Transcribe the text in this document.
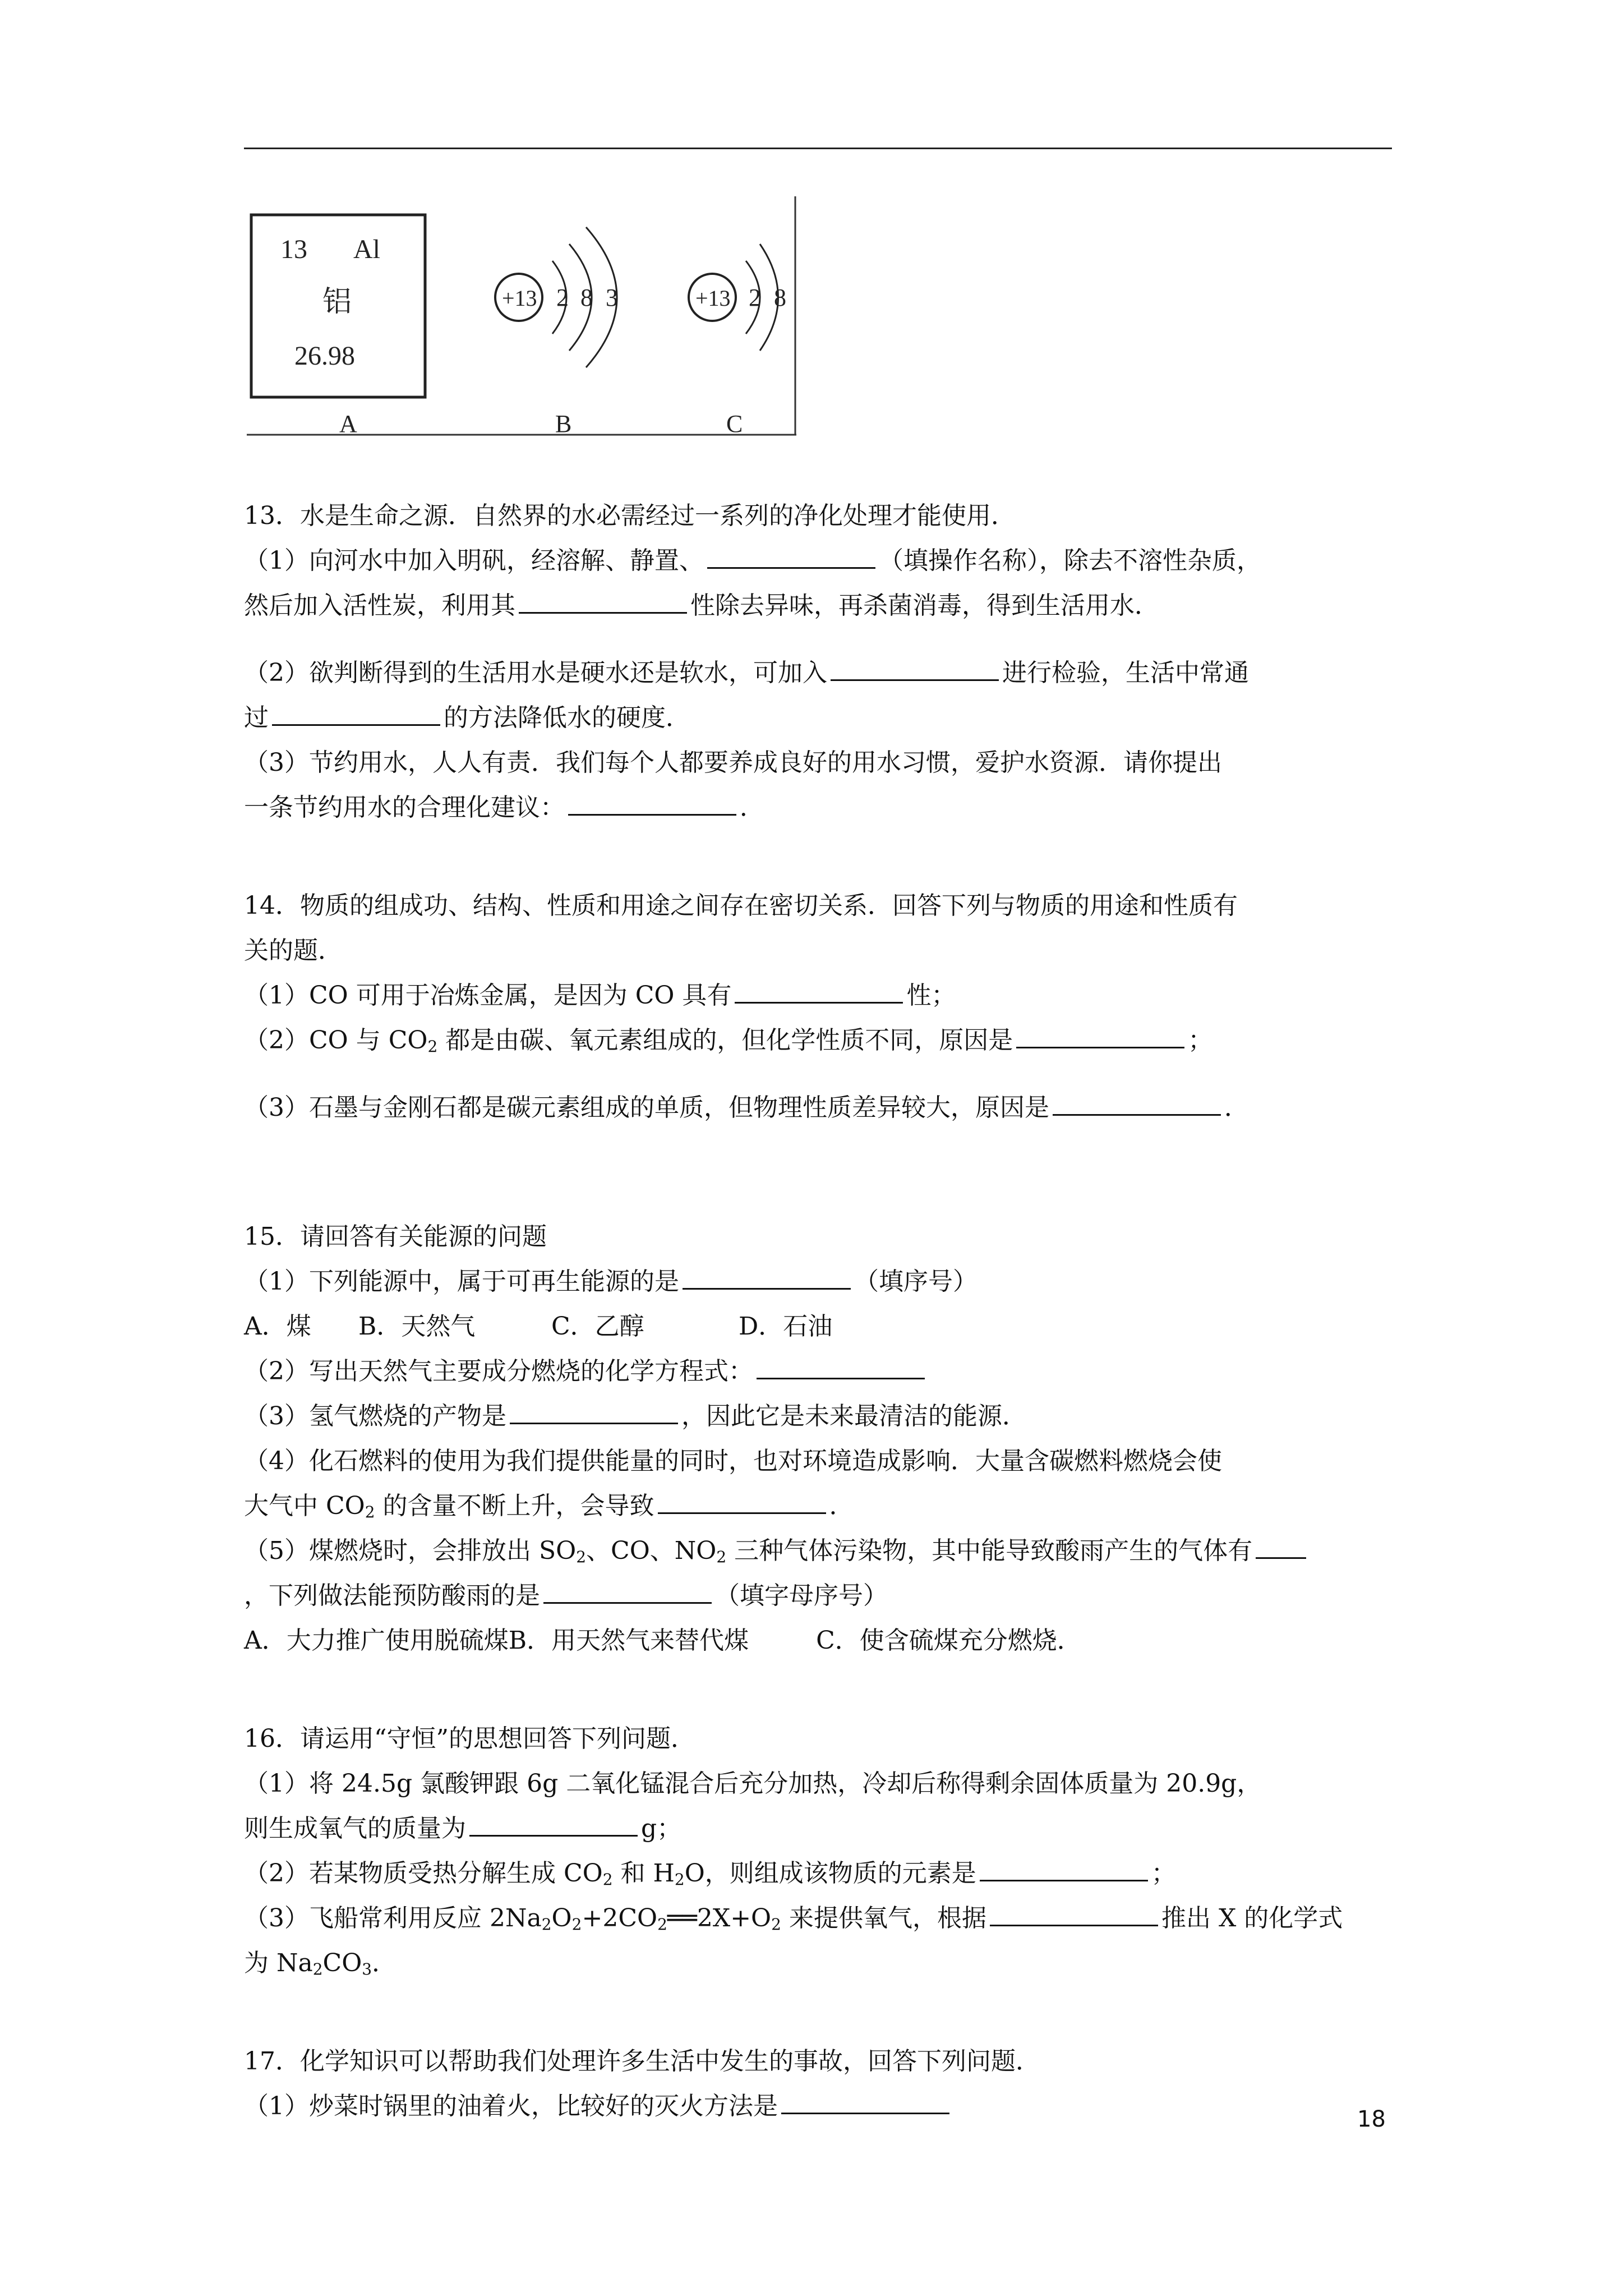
13 Al
铝
26.98
+13 2 8 3	+13 2 8
A	B	C
13．水是生命之源．自然界的水必需经过一系列的净化处理才能使用．
（1）向河水中加入明矾，经溶解、静置、	（填操作名称），除去不溶性杂质，
然后加入活性炭，利用其	性除去异味，再杀菌消毒，得到生活用水．
（2）欲判断得到的生活用水是硬水还是软水，可加入	进行检验，生活中常通
过	的方法降低水的硬度．
（3）节约用水，人人有责．我们每个人都要养成良好的用水习惯，爱护水资源．请你提出
一条节约用水的合理化建议：	．
14．物质的组成功、结构、性质和用途之间存在密切关系．回答下列与物质的用途和性质有
关的题．
（1）CO 可用于冶炼金属，是因为 CO 具有	性；
（2）CO 与 $CO_2$ 都是由碳、氧元素组成的，但化学性质不同，原因是	；
（3）石墨与金刚石都是碳元素组成的单质，但物理性质差异较大，原因是	．
15．请回答有关能源的问题
（1）下列能源中，属于可再生能源的是	（填序号）
A．煤 B．天然气	C．乙醇	D．石油
（2）写出天然气主要成分燃烧的化学方程式：
（3）氢气燃烧的产物是	，因此它是未来最清洁的能源．
（4）化石燃料的使用为我们提供能量的同时，也对环境造成影响．大量含碳燃料燃烧会使
大气中 $CO_2$ 的含量不断上升，会导致	．
（5）煤燃烧时，会排放出 $SO_2$、CO、$NO_2$ 三种气体污染物，其中能导致酸雨产生的气体有
，下列做法能预防酸雨的是	（填字母序号）
A．大力推广使用脱硫煤B．用天然气来替代煤	C．使含硫煤充分燃烧．
16．请运用“守恒”的思想回答下列问题．
（1）将 24.5g 氯酸钾跟 6g 二氧化锰混合后充分加热，冷却后称得剩余固体质量为 20.9g，
则生成氧气的质量为	g；
（2）若某物质受热分解生成 $CO_2$ 和 $H_2O$，则组成该物质的元素是	；
（3）飞船常利用反应 $2Na_2O_2+2CO_2══2X+O_2$ 来提供氧气，根据	推出 X 的化学式
为 $Na_2CO_3$．
17．化学知识可以帮助我们处理许多生活中发生的事故，回答下列问题．
（1）炒菜时锅里的油着火，比较好的灭火方法是	18
